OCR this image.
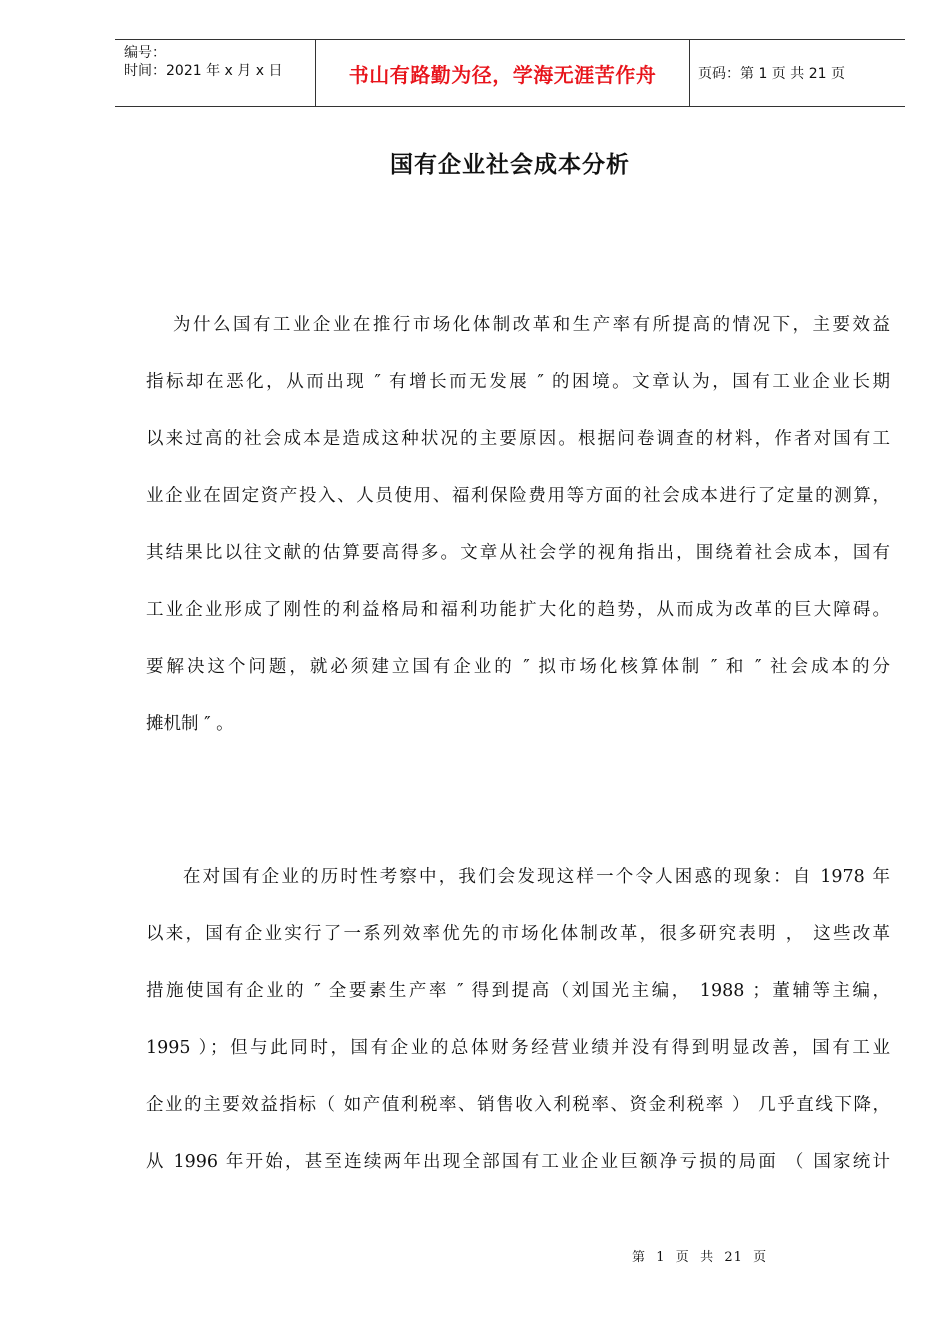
编号：
时间：2021 年 x 月 x 日	书山有路勤为径，学海无涯苦作舟	页码：第 1 页 共 21 页
国有企业社会成本分析
为什么国有工业企业在推行市场化体制改革和生产率有所提高的情况下，主要效益
指标却在恶化，从而出现 ″ 有增长而无发展 ″ 的困境。文章认为，国有工业企业长期
以来过高的社会成本是造成这种状况的主要原因。根据问卷调查的材料，作者对国有工
业企业在固定资产投入、人员使用、福利保险费用等方面的社会成本进行了定量的测算，
其结果比以往文献的估算要高得多。文章从社会学的视角指出，围绕着社会成本，国有
工业企业形成了刚性的利益格局和福利功能扩大化的趋势，从而成为改革的巨大障碍。
要解决这个问题，就必须建立国有企业的 ″ 拟市场化核算体制 ″ 和 ″ 社会成本的分
摊机制 ″ 。
在对国有企业的历时性考察中，我们会发现这样一个令人困惑的现象：自 1978 年
以来，国有企业实行了一系列效率优先的市场化体制改革，很多研究表明 ， 这些改革
措施使国有企业的 ″ 全要素生产率 ″ 得到提高（刘国光主编， 1988 ；董辅等主编，
1995 ）；但与此同时，国有企业的总体财务经营业绩并没有得到明显改善，国有工业
企业的主要效益指标（ 如产值利税率、销售收入利税率、资金利税率 ） 几乎直线下降，
从 1996 年开始，甚至连续两年出现全部国有工业企业巨额净亏损的局面 （ 国家统计
第  1  页  共  21  页
